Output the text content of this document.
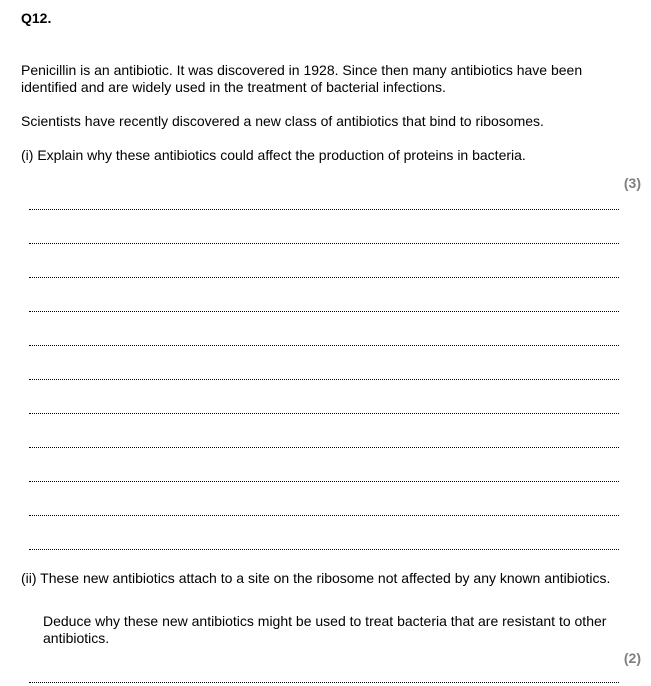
Q12.
Penicillin is an antibiotic. It was discovered in 1928. Since then many antibiotics have been identified and are widely used in the treatment of bacterial infections.
Scientists have recently discovered a new class of antibiotics that bind to ribosomes.
(i) Explain why these antibiotics could affect the production of proteins in bacteria.
(3)
(ii) These new antibiotics attach to a site on the ribosome not affected by any known antibiotics.
Deduce why these new antibiotics might be used to treat bacteria that are resistant to other antibiotics.
(2)
